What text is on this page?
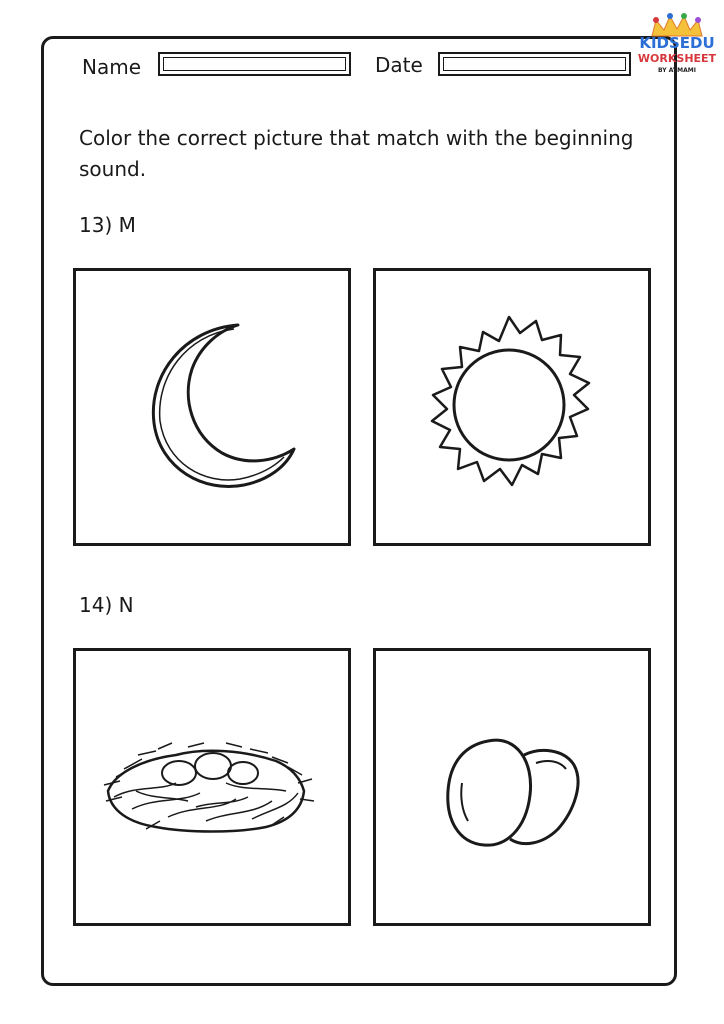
KIDSEDU
WORKSHEET
BY AYMAMI
Name	Date
Color the correct picture that match with the beginning sound.
13) M
14) N
